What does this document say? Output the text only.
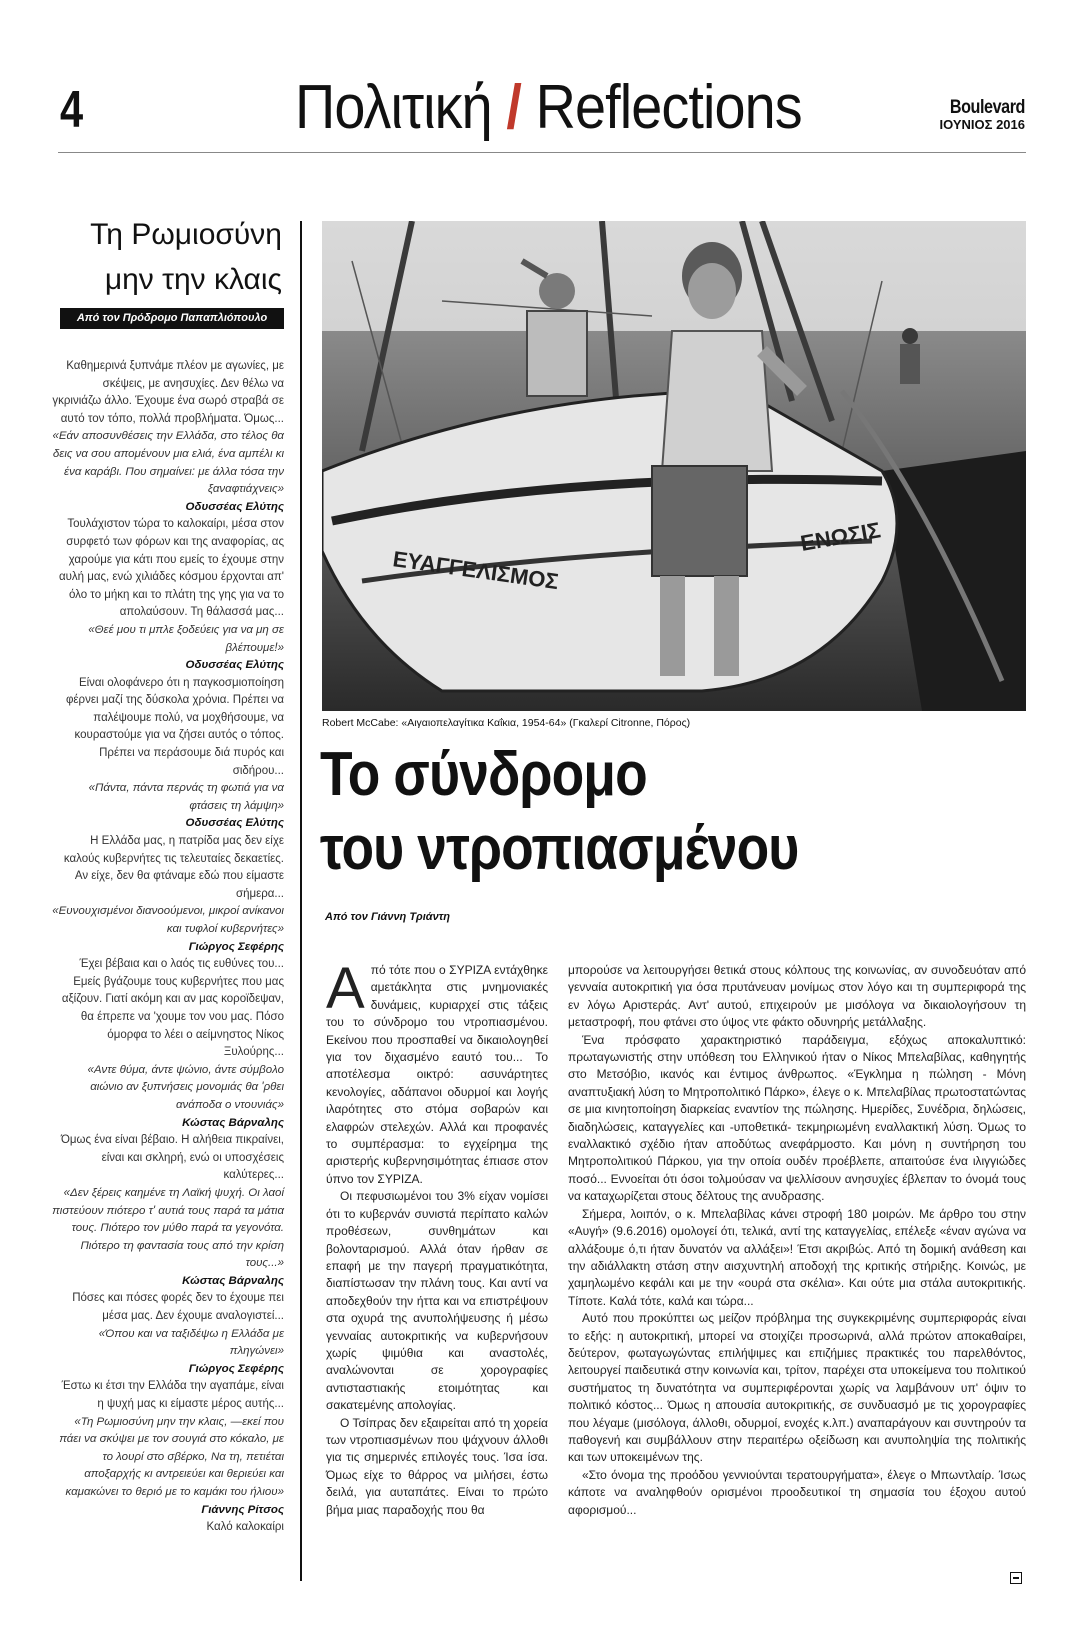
4	Πολιτική / Reflections	Boulevard
ΙΟΥΝΙΟΣ 2016
Τη Ρωμιοσύνη
μην την κλαις
Από τον Πρόδρομο Παπαπλιόπουλο

Καθημερινά ξυπνάμε πλέον με αγωνίες, με σκέψεις, με ανησυχίες. Δεν θέλω να γκρινιάζω άλλο. Έχουμε ένα σωρό στραβά σε αυτό τον τόπο, πολλά προβλήματα. Όμως...

«Εάν αποσυνθέσεις την Ελλάδα, στο τέλος θα δεις να σου απομένουν μια ελιά, ένα αμπέλι κι ένα καράβι. Που σημαίνει: με άλλα τόσα την ξαναφτιάχνεις»

Οδυσσέας Ελύτης

Τουλάχιστον τώρα το καλοκαίρι, μέσα στον συρφετό των φόρων και της αναφορίας, ας χαρούμε για κάτι που εμείς το έχουμε στην αυλή μας, ενώ χιλιάδες κόσμου έρχονται απ' όλο το μήκη και το πλάτη της γης για να το απολαύσουν. Τη θάλασσά μας...

«Θεέ μου τι μπλε ξοδεύεις για να μη σε βλέπουμε!»

Οδυσσέας Ελύτης

Είναι ολοφάνερο ότι η παγκοσμιοποίηση φέρνει μαζί της δύσκολα χρόνια. Πρέπει να παλέψουμε πολύ, να μοχθήσουμε, να κουραστούμε για να ζήσει αυτός ο τόπος. Πρέπει να περάσουμε διά πυρός και σιδήρου...

«Πάντα, πάντα περνάς τη φωτιά για να φτάσεις τη λάμψη»

Οδυσσέας Ελύτης

Η Ελλάδα μας, η πατρίδα μας δεν είχε καλούς κυβερνήτες τις τελευταίες δεκαετίες. Αν είχε, δεν θα φτάναμε εδώ που είμαστε σήμερα...

«Ευνουχισμένοι διανοούμενοι, μικροί ανίκανοι και τυφλοί κυβερνήτες»

Γιώργος Σεφέρης

Έχει βέβαια και ο λαός τις ευθύνες του... Εμείς βγάζουμε τους κυβερνήτες που μας αξίζουν. Γιατί ακόμη και αν μας κοροϊδεψαν, θα έπρεπε να 'χουμε τον νου μας. Πόσο όμορφα το λέει ο αείμνηστος Νίκος Ξυλούρης...

«Αντε θύμα, άντε ψώνιο, άντε σύμβολο αιώνιο αν ξυπνήσεις μονομιάς θα 'ρθει ανάποδα ο ντουνιάς»

Κώστας Βάρναλης

Όμως ένα είναι βέβαιο. Η αλήθεια πικραίνει, είναι και σκληρή, ενώ οι υποσχέσεις καλύτερες...

«Δεν ξέρεις καημένε τη Λαϊκή ψυχή. Οι λαοί πιστεύουν πιότερο τ' αυτιά τους παρά τα μάτια τους. Πιότερο τον μύθο παρά τα γεγονότα. Πιότερο τη φαντασία τους από την κρίση τους...»

Κώστας Βάρναλης

Πόσες και πόσες φορές δεν το έχουμε πει μέσα μας. Δεν έχουμε αναλογιστεί...

«Όπου και να ταξιδέψω η Ελλάδα με πληγώνει»

Γιώργος Σεφέρης

Έστω κι έτσι την Ελλάδα την αγαπάμε, είναι η ψυχή μας κι είμαστε μέρος αυτής...

«Τη Ρωμιοσύνη μην την κλαις, —εκεί που πάει να σκύψει με τον σουγιά στο κόκαλο, με το λουρί στο σβέρκο, Να τη, πετιέται αποξαρχής κι αντρειεύει και θεριεύει και καμακώνει το θεριό με το καμάκι του ήλιου»

Γιάννης Ρίτσος

Καλό καλοκαίρι

ΕΥΑΓΓΕΛΙΣΜΟΣ
ΕΝΩΣΙΣ
Robert McCabe: «Αιγαιοπελαγίτικα Καΐκια, 1954-64» (Γκαλερί Citronne, Πόρος)
Το σύνδρομο
του ντροπιασμένου
Από τον Γιάννη Τριάντη

Από τότε που ο ΣΥΡΙΖΑ εντάχθηκε αμετάκλητα στις μνημονιακές δυνάμεις, κυριαρχεί στις τάξεις του το σύνδρομο του ντροπιασμένου. Εκείνου που προσπαθεί να δικαιολογηθεί για τον διχασμένο εαυτό του... Το αποτέλεσμα οικτρό: ασυνάρτητες κενολογίες, αδάπανοι οδυρμοί και λογής ιλαρότητες στο στόμα σοβαρών και ελαφρών στελεχών. Αλλά και προφανές το συμπέρασμα: το εγχείρημα της αριστερής κυβερνησιμότητας έπιασε στον ύπνο τον ΣΥΡΙΖΑ.

Οι πεφυσιωμένοι του 3% είχαν νομίσει ότι το κυβερνάν συνιστά περίπατο καλών προθέσεων, συνθημάτων και βολονταρισμού. Αλλά όταν ήρθαν σε επαφή με την παγερή πραγματικότητα, διαπίστωσαν την πλάνη τους. Και αντί να αποδεχθούν την ήττα και να επιστρέψουν στα οχυρά της ανυπολήψευσης ή μέσω γενναίας αυτοκριτικής να κυβερνήσουν χωρίς ψιμύθια και αναστολές, αναλώνονται σε χορογραφίες αντισταστιακής ετοιμότητας και σακατεμένης απολογίας.

Ο Τσίπρας δεν εξαιρείται από τη χορεία των ντροπιασμένων που ψάχνουν άλλοθι για τις σημερινές επιλογές τους. Ίσα ίσα. Όμως είχε το θάρρος να μιλήσει, έστω δειλά, για αυταπάτες. Είναι το πρώτο βήμα μιας παραδοχής που θα

μπορούσε να λειτουργήσει θετικά στους κόλπους της κοινωνίας, αν συνοδευόταν από γενναία αυτοκριτική για όσα πρυτάνευαν μονίμως στον λόγο και τη συμπεριφορά της εν λόγω Αριστεράς. Αντ' αυτού, επιχειρούν με μισόλογα να δικαιολογήσουν τη μεταστροφή, που φτάνει στο ύψος ντε φάκτο οδυνηρής μετάλλαξης.

Ένα πρόσφατο χαρακτηριστικό παράδειγμα, εξόχως αποκαλυπτικό: πρωταγωνιστής στην υπόθεση του Ελληνικού ήταν ο Νίκος Μπελαβίλας, καθηγητής στο Μετσόβιο, ικανός και έντιμος άνθρωπος. «Έγκλημα η πώληση - Μόνη αναπτυξιακή λύση το Μητροπολιτικό Πάρκο», έλεγε ο κ. Μπελαβίλας πρωτοστατώντας σε μια κινητοποίηση διαρκείας εναντίον της πώλησης. Ημερίδες, Συνέδρια, δηλώσεις, διαδηλώσεις, καταγγελίες και -υποθετικά- τεκμηριωμένη εναλλακτική λύση. Όμως το εναλλακτικό σχέδιο ήταν αποδύτως ανεφάρμοστο. Και μόνη η συντήρηση του Μητροπολιτικού Πάρκου, για την οποία ουδέν προέβλεπε, απαιτούσε ένα ιλιγγιώδες ποσό... Εννοείται ότι όσοι τολμούσαν να ψελλίσουν ανησυχίες έβλεπαν το όνομά τους να καταχωρίζεται στους δέλτους της ανυδρασης.

Σήμερα, λοιπόν, ο κ. Μπελαβίλας κάνει στροφή 180 μοιρών. Με άρθρο του στην «Αυγή» (9.6.2016) ομολογεί ότι, τελικά, αντί της καταγγελίας, επέλεξε «έναν αγώνα να αλλάξουμε ό,τι ήταν δυνατόν να αλλάξει»! Έτσι ακριβώς. Από τη δομική ανάθεση και την αδιάλλακτη στάση στην αισχυντηλή αποδοχή της κριτικής στήριξης. Κοινώς, με χαμηλωμένο κεφάλι και με την «ουρά στα σκέλια». Και ούτε μια στάλα αυτοκριτικής. Τίποτε. Καλά τότε, καλά και τώρα...

Αυτό που προκύπτει ως μείζον πρόβλημα της συγκεκριμένης συμπεριφοράς είναι το εξής: η αυτοκριτική, μπορεί να στοιχίζει προσωρινά, αλλά πρώτον αποκαθαίρει, δεύτερον, φωταγωγώντας επιλήψιμες και επιζήμιες πρακτικές του παρελθόντος, λειτουργεί παιδευτικά στην κοινωνία και, τρίτον, παρέχει στα υποκείμενα του πολιτικού συστήματος τη δυνατότητα να συμπεριφέρονται χωρίς να λαμβάνουν υπ' όψιν το πολιτικό κόστος... Όμως η απουσία αυτοκριτικής, σε συνδυασμό με τις χορογραφίες που λέγαμε (μισόλογα, άλλοθι, οδυρμοί, ενοχές κ.λπ.) αναπαράγουν και συντηρούν τα παθογενή και συμβάλλουν στην περαιτέρω οξείδωση και ανυποληψία της πολιτικής και των υποκειμένων της.

«Στο όνομα της προόδου γεννιούνται τερατουργήματα», έλεγε ο Μπωντλαίρ. Ίσως κάποτε να αναληφθούν ορισμένοι προοδευτικοί τη σημασία του έξοχου αυτού αφορισμού...
